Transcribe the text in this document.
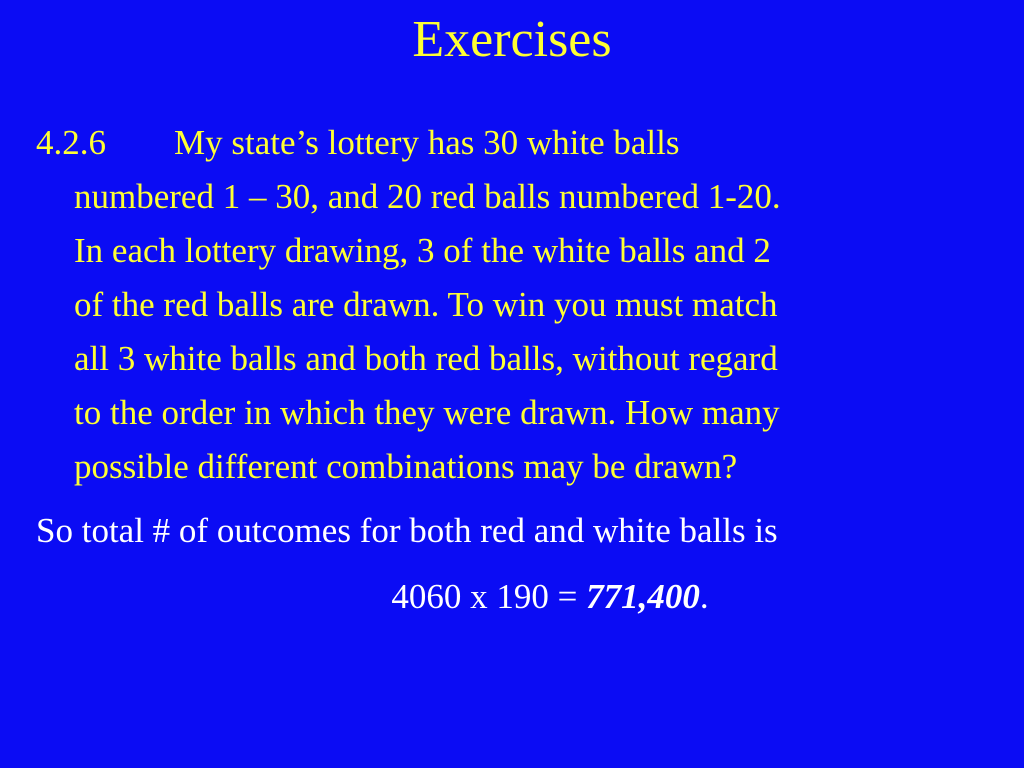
Exercises
4.2.6 My state’s lottery has 30 white balls
numbered 1 – 30, and 20 red balls numbered 1-20.
In each lottery drawing, 3 of the white balls and 2
of the red balls are drawn. To win you must match
all 3 white balls and both red balls, without regard
to the order in which they were drawn. How many
possible different combinations may be drawn?
So total # of outcomes for both red and white balls is
4060 x 190 = 771,400.
